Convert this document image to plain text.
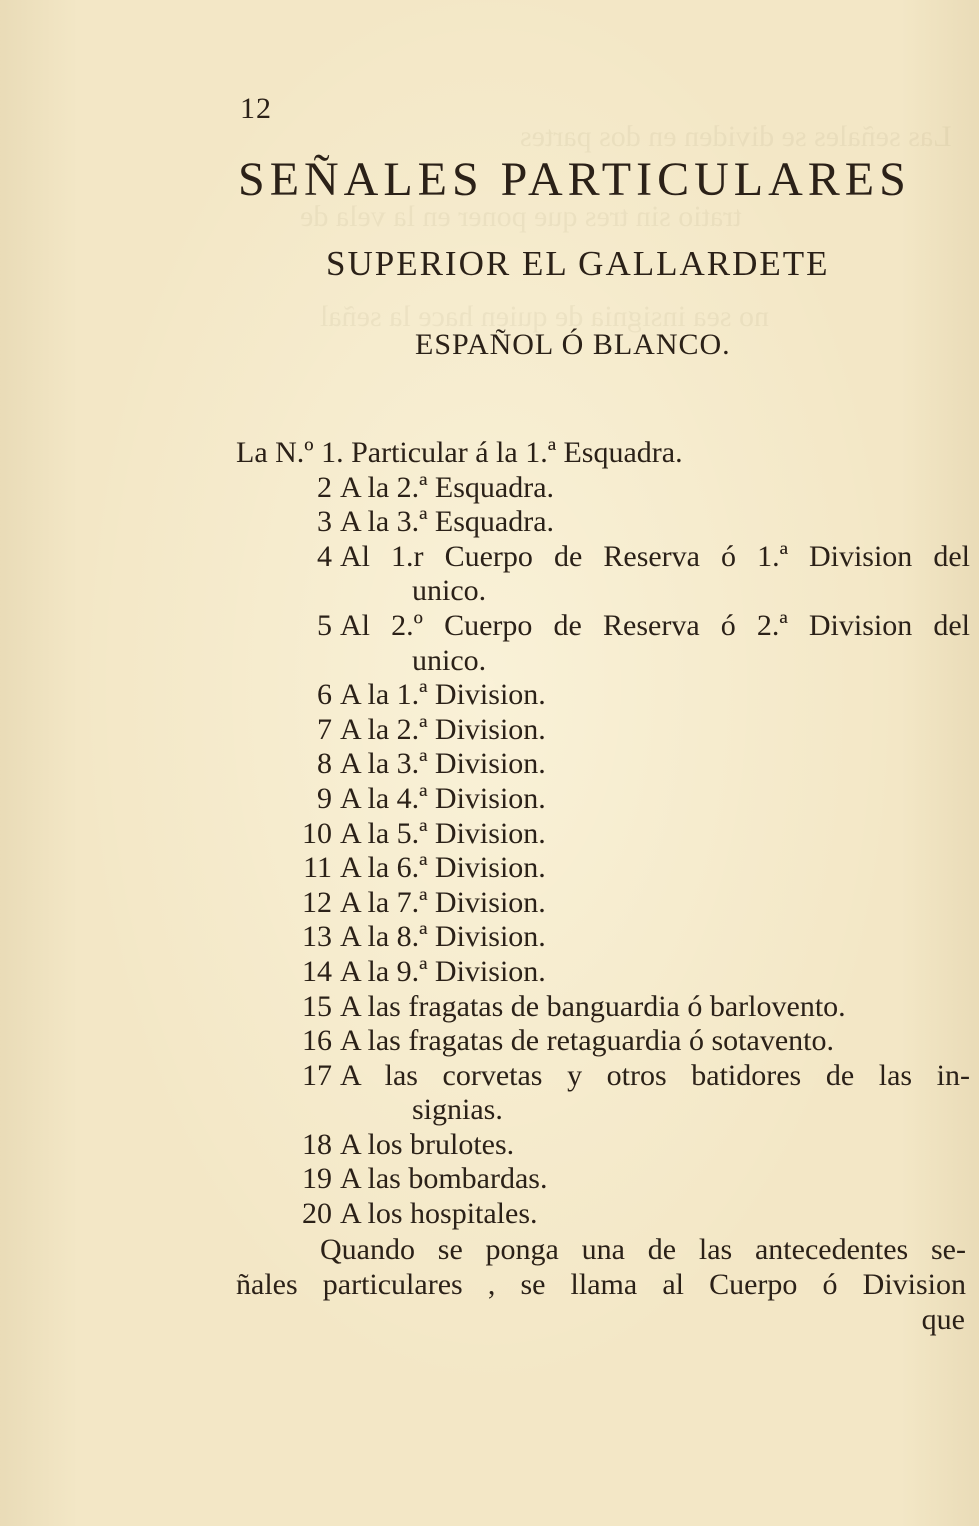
Las señales se dividen en dos partes
tratio sin tres que poner en la vela de
no sea insignia de quien hace la señal
12
SEÑALES PARTICULARES
SUPERIOR EL GALLARDETE
ESPAÑOL Ó BLANCO.
La N.º 1. Particular á la 1.ª Esquadra.
2 A la 2.ª Esquadra.
3 A la 3.ª Esquadra.
4 Al 1.r Cuerpo de Reserva ó 1.ª Division del
unico.
5 Al 2.º Cuerpo de Reserva ó 2.ª Division del
unico.
6 A la 1.ª Division.
7 A la 2.ª Division.
8 A la 3.ª Division.
9 A la 4.ª Division.
10 A la 5.ª Division.
11 A la 6.ª Division.
12 A la 7.ª Division.
13 A la 8.ª Division.
14 A la 9.ª Division.
15 A las fragatas de banguardia ó barlovento.
16 A las fragatas de retaguardia ó sotavento.
17 A las corvetas y otros batidores de las in-
signias.
18 A los brulotes.
19 A las bombardas.
20 A los hospitales.
Quando se ponga una de las antecedentes se-
ñales particulares , se llama al Cuerpo ó Division
que
